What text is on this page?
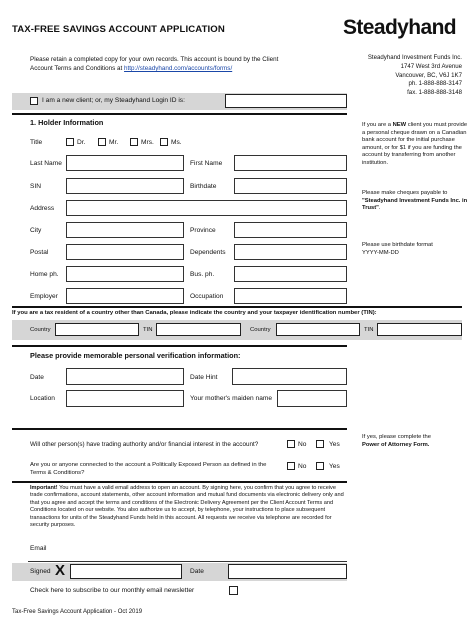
TAX-FREE SAVINGS ACCOUNT APPLICATION	Steadyhand
Please retain a completed copy for your own records. This account is bound by the Client Account Terms and Conditions at http://steadyhand.com/accounts/forms/
Steadyhand Investment Funds Inc.
1747 West 3rd Avenue
Vancouver, BC, V6J 1K7
ph. 1-888-888-3147
fax. 1-888-888-3148
I am a new client; or, my Steadyhand Login ID is:
1. Holder Information
Title	Dr.	Mr.	Mrs.	Ms.
Last Name	First Name
SIN	Birthdate
Address
City	Province
Postal	Dependents
Home ph.	Bus. ph.
Employer	Occupation
If you are a NEW client you must provide a personal cheque drawn on a Canadian bank account for the initial purchase amount, or for $1 if you are funding the account by transferring from another institution.
Please make cheques payable to "Steadyhand Investment Funds Inc. in Trust".
Please use birthdate format
YYYY-MM-DD
If you are a tax resident of a country other than Canada, please indicate the country and your taxpayer identification number (TIN):
Country	TIN	Country	TIN
Please provide memorable personal verification information:
Date	Date Hint
Location	Your mother's maiden name
Will other person(s) have trading authority and/or financial interest in the account?	No	Yes
Are you or anyone connected to the account a Politically Exposed Person as defined in the
Terms & Conditions?
No	Yes
If yes, please complete the
Power of Attorney Form.
Important! You must have a valid email address to open an account. By signing here, you confirm that you agree to receive trade confirmations, account statements, other account information and mutual fund documents via electronic delivery only and that you agree and accept the terms and conditions of the Electronic Delivery Agreement per the Client Account Terms and Conditions located on our website. You also authorize us to accept, by telephone, your instructions to place subsequent transactions for units of the Steadyhand Funds held in this account. All requests we receive via telephone are recorded for security purposes.
Email
Signed X	Date
Check here to subscribe to our monthly email newsletter
Tax-Free Savings Account Application - Oct 2019
